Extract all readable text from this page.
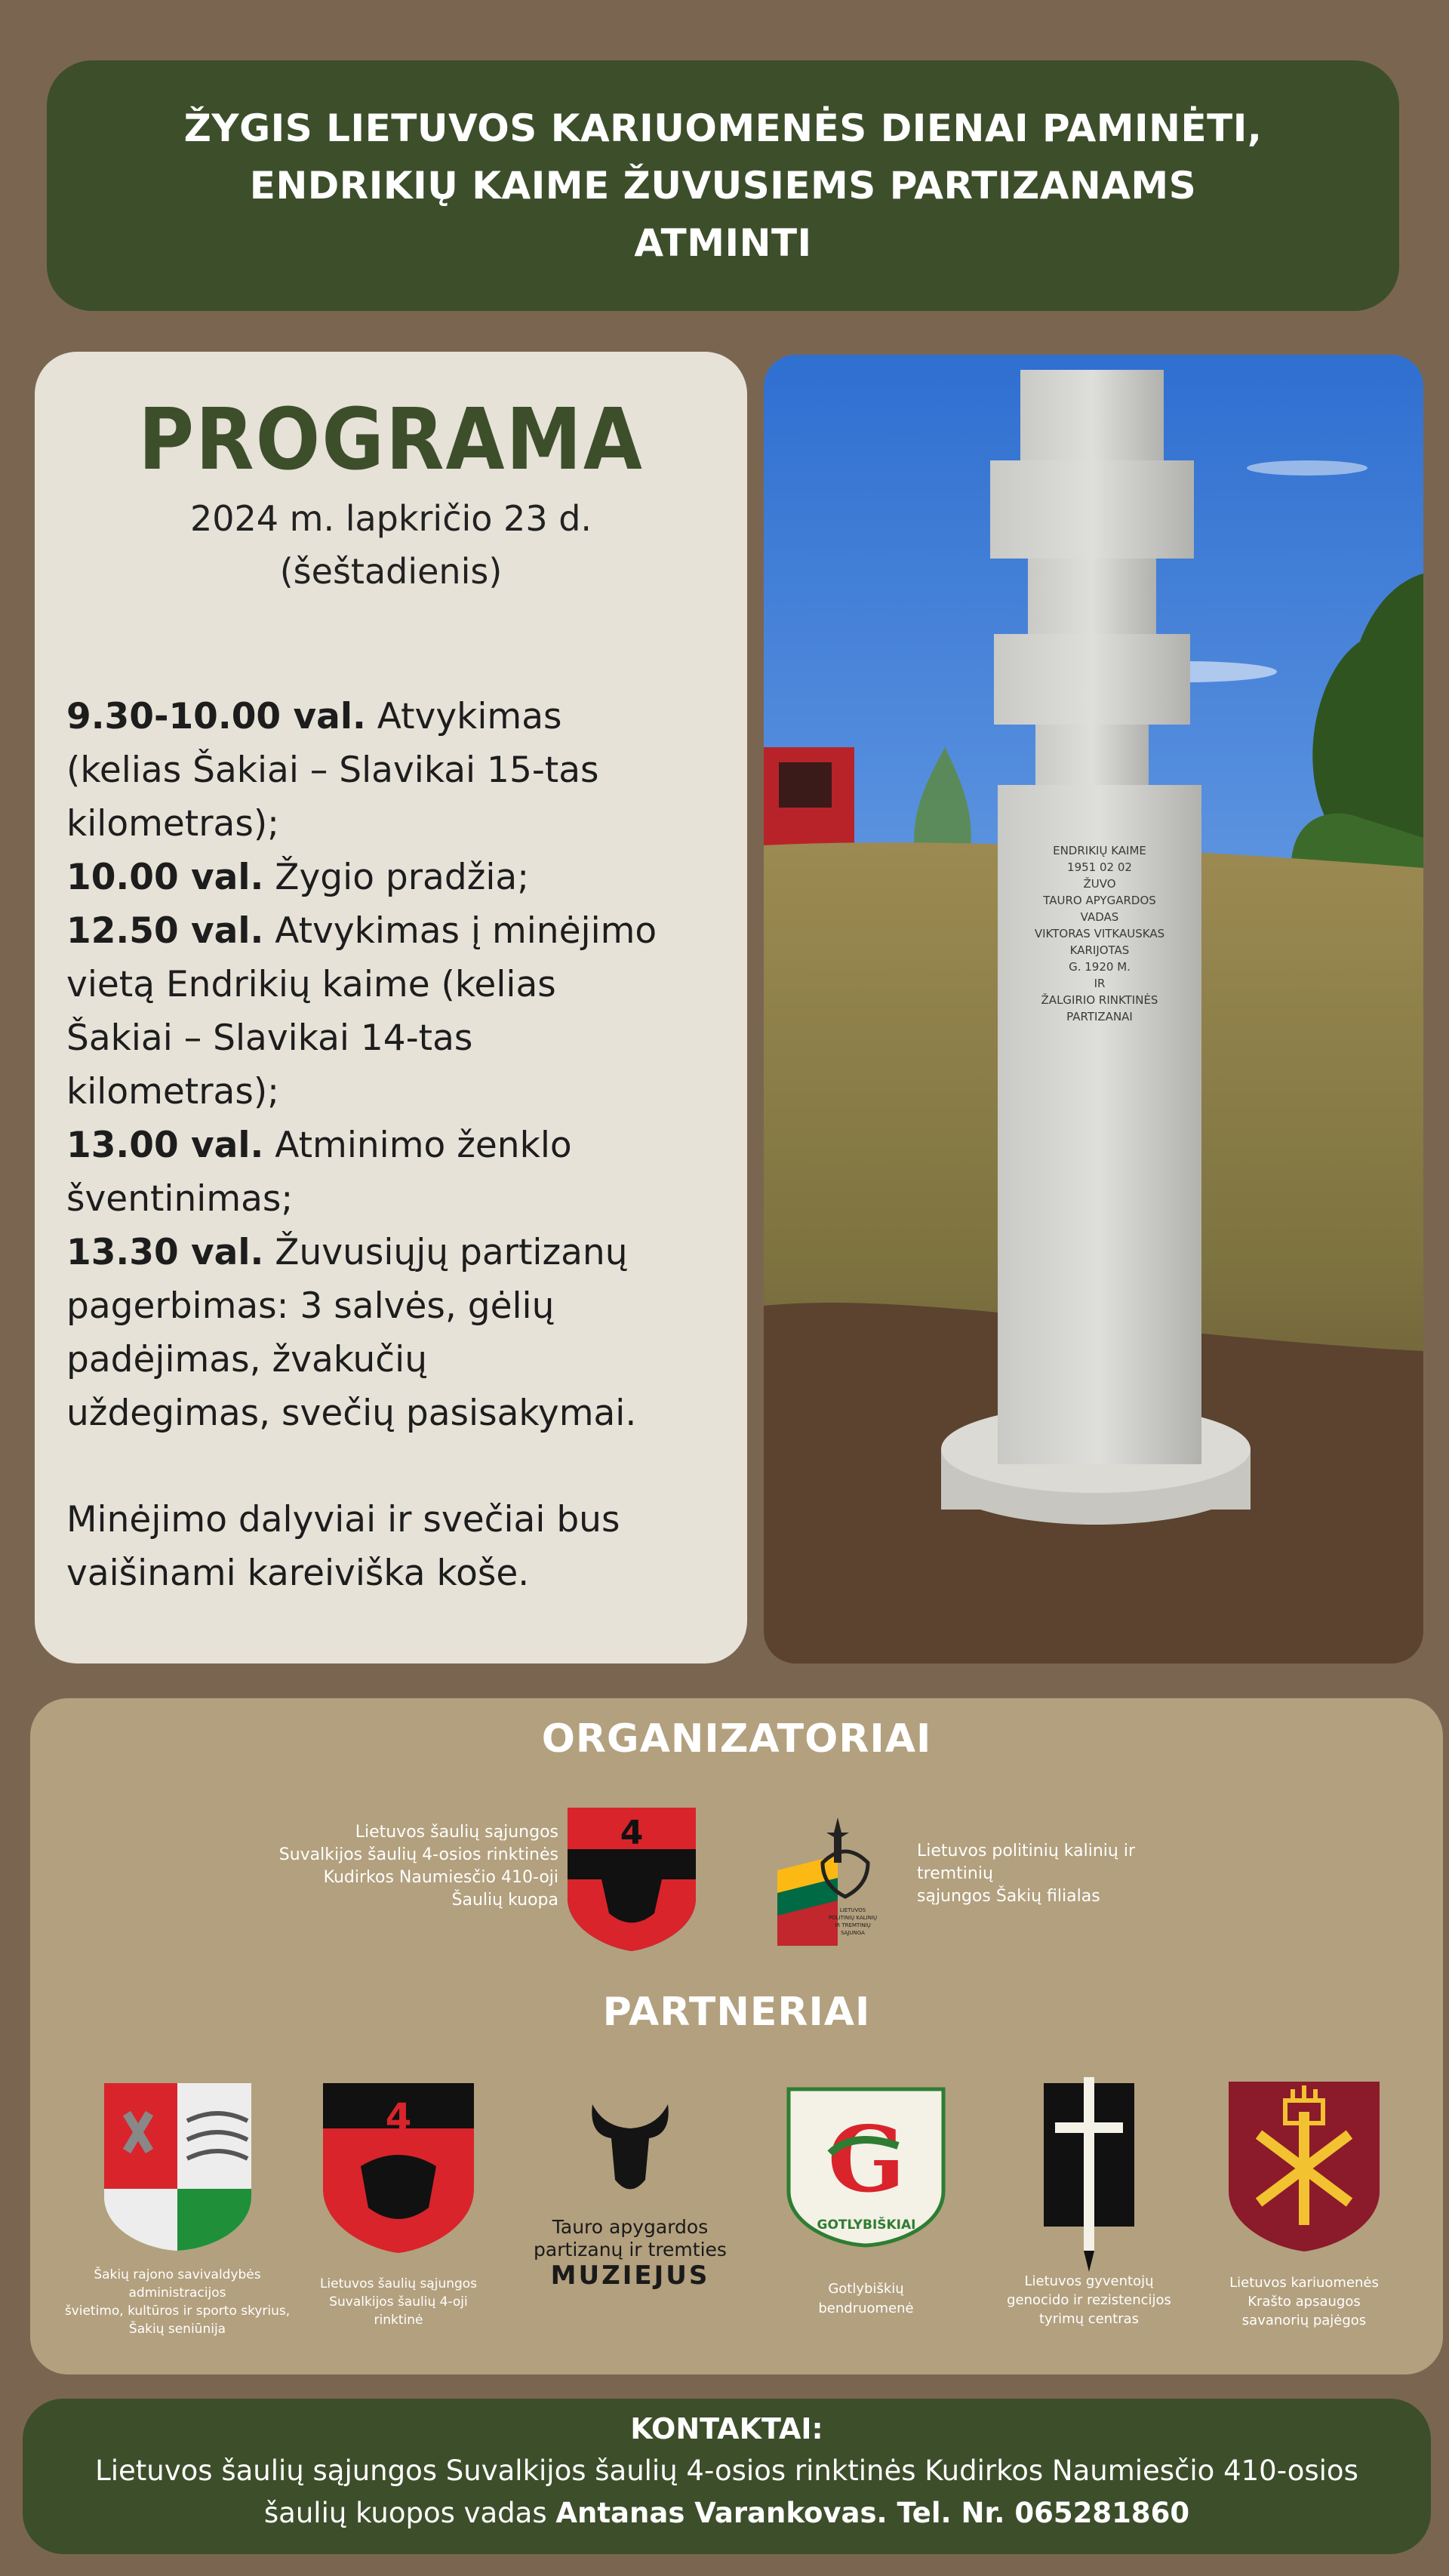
ŽYGIS LIETUVOS KARIUOMENĖS DIENAI PAMINĖTI,
ENDRIKIŲ KAIME ŽUVUSIEMS PARTIZANAMS
ATMINTI
PROGRAMA
2024 m. lapkričio 23 d.
(šeštadienis)
9.30-10.00 val. Atvykimas
(kelias Šakiai – Slavikai 15-tas
kilometras);
10.00 val. Žygio pradžia;
12.50 val. Atvykimas į minėjimo
vietą Endrikių kaime (kelias
Šakiai – Slavikai 14-tas
kilometras);
13.00 val. Atminimo ženklo
šventinimas;
13.30 val. Žuvusiųjų partizanų
pagerbimas: 3 salvės, gėlių
padėjimas, žvakučių
uždegimas, svečių pasisakymai.
Minėjimo dalyviai ir svečiai bus
vaišinami kareiviška koše.
ENDRIKIŲ KAIME
1951 02 02
ŽUVO
TAURO APYGARDOS
VADAS
VIKTORAS VITKAUSKAS
KARIJOTAS
G. 1920 M.
IR
ŽALGIRIO RINKTINĖS
PARTIZANAI
ORGANIZATORIAI
Lietuvos šaulių sąjungos
Suvalkijos šaulių 4-osios rinktinės
Kudirkos Naumiesčio 410-oji
Šaulių kuopa
4
LIETUVOS
POLITINIŲ KALINIŲ
IR TREMTINIŲ
SĄJUNGA
Lietuvos politinių kalinių ir
tremtinių
sąjungos Šakių filialas
PARTNERIAI
Šakių rajono savivaldybės
administracijos
švietimo, kultūros ir sporto skyrius,
Šakių seniūnija
4
Lietuvos šaulių sąjungos
Suvalkijos šaulių 4-oji
rinktinė
Tauro apygardos
partizanų ir tremties
MUZIEJUS
G
GOTLYBIŠKIAI
Gotlybiškių
bendruomenė
Lietuvos gyventojų
genocido ir rezistencijos
tyrimų centras
Lietuvos kariuomenės
Krašto apsaugos
savanorių pajėgos
KONTAKTAI:
Lietuvos šaulių sąjungos Suvalkijos šaulių 4-osios rinktinės Kudirkos Naumiesčio 410-osios
šaulių kuopos vadas Antanas Varankovas. Tel. Nr. 065281860
